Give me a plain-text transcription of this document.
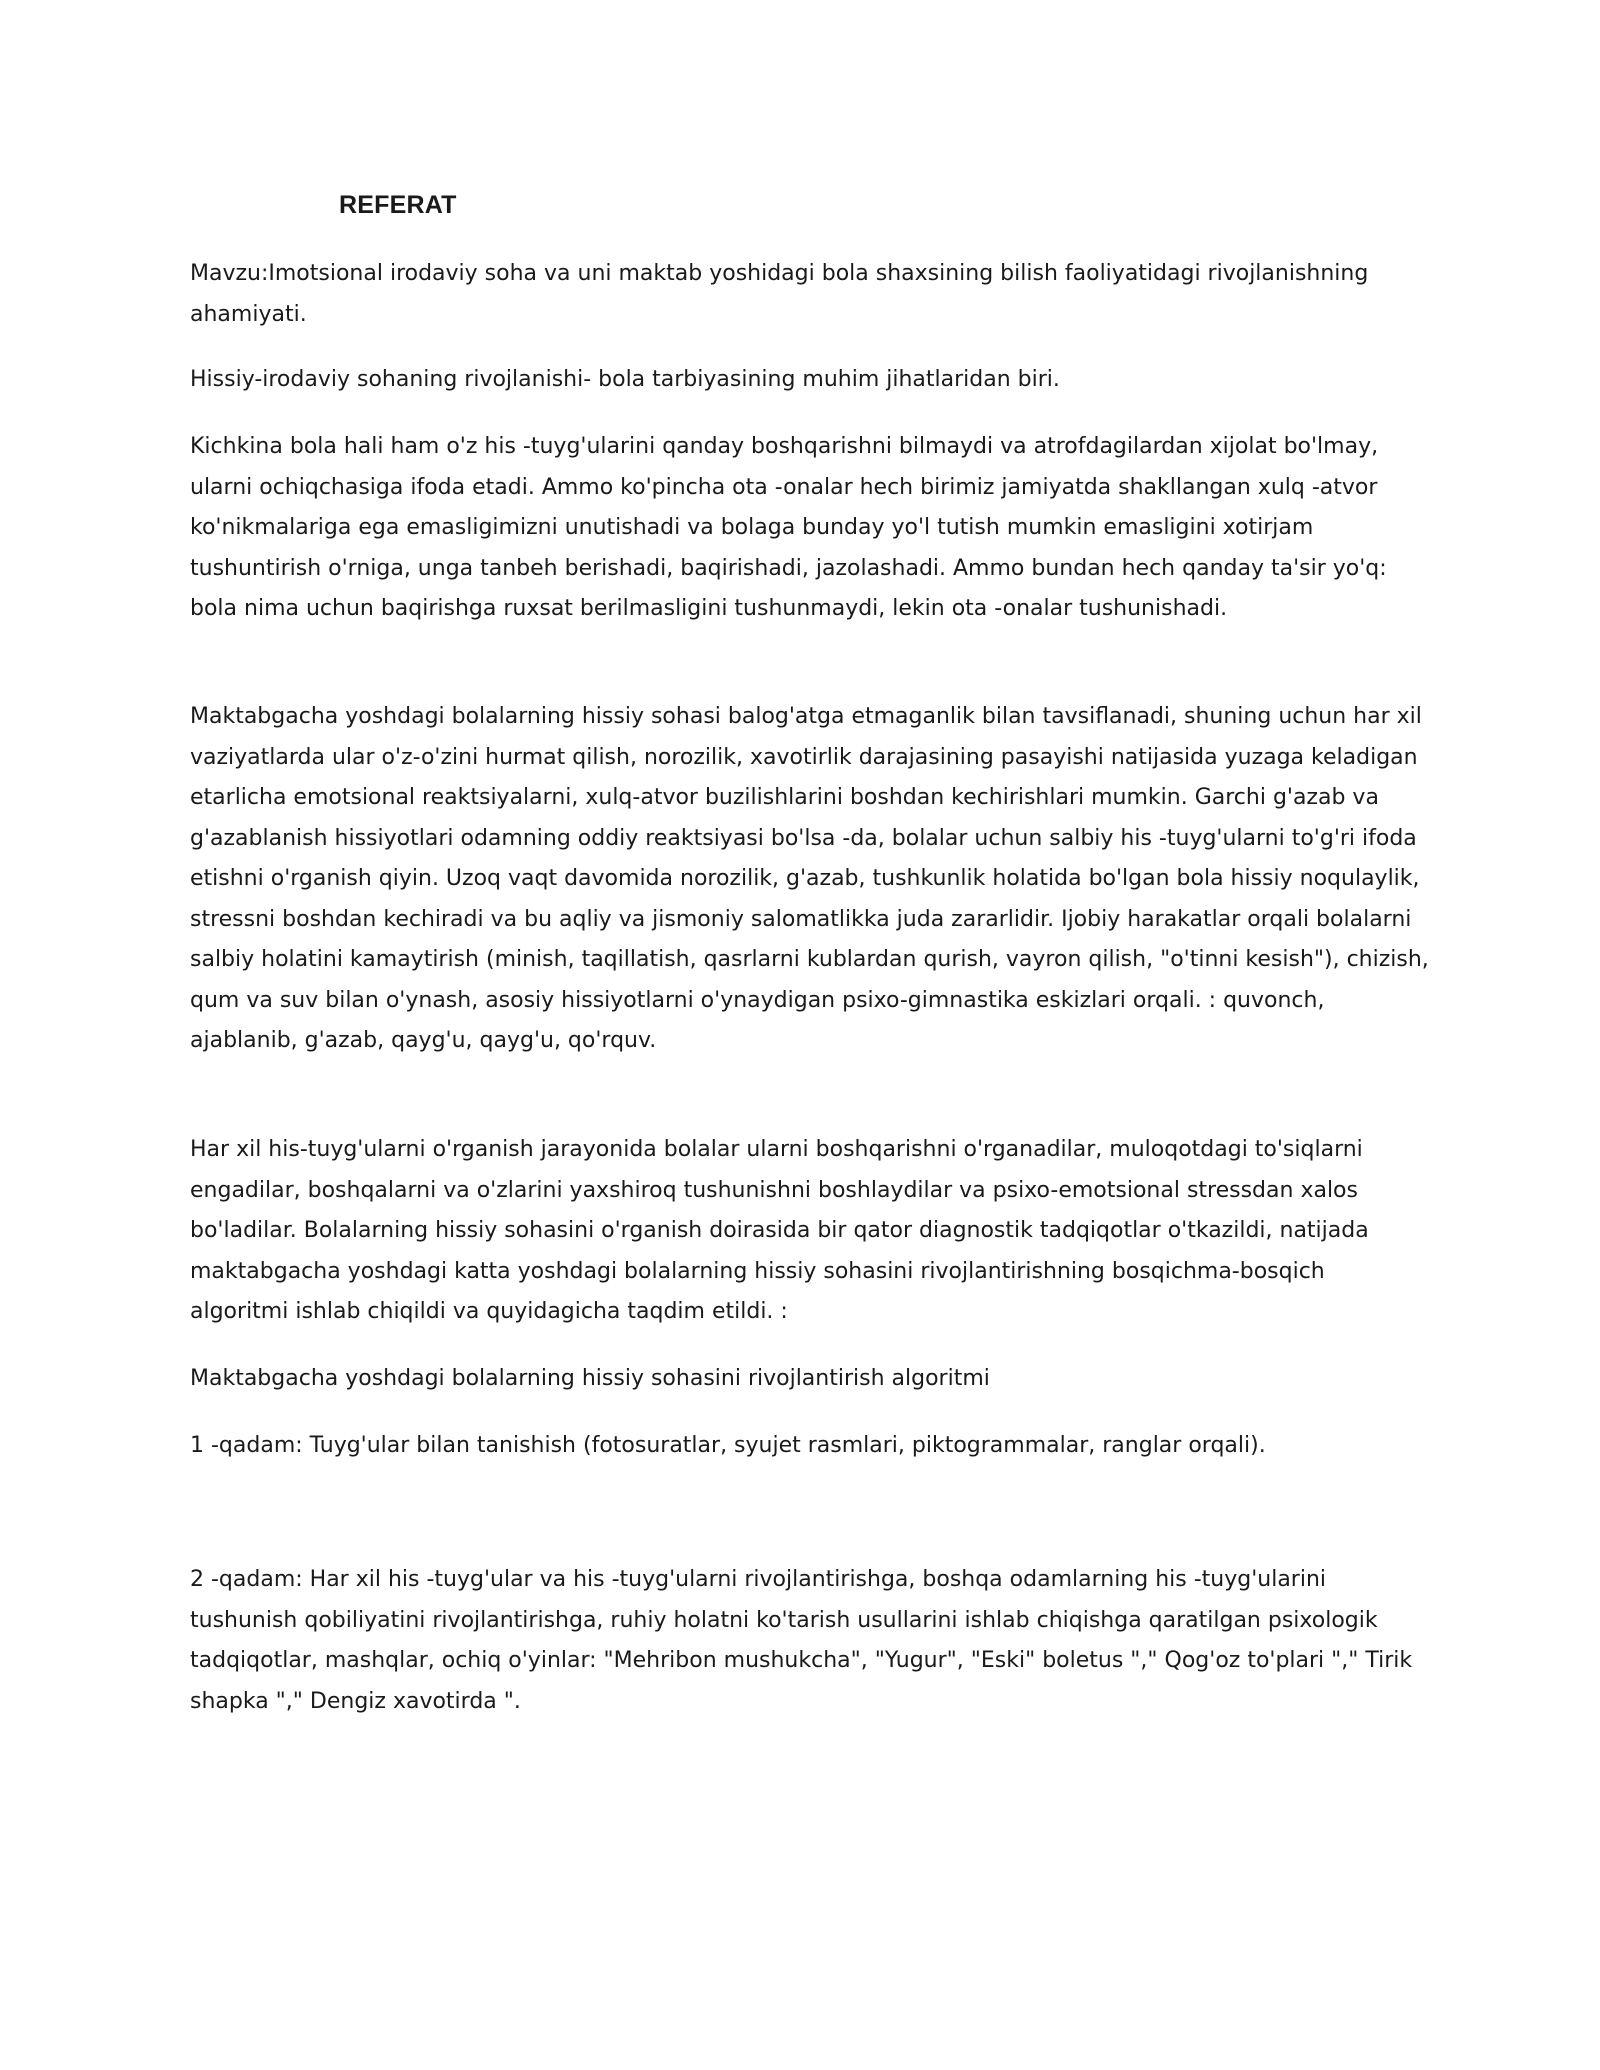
REFERAT

Mavzu:Imotsional irodaviy soha va uni maktab yoshidagi bola shaxsining bilish faoliyatidagi rivojlanishning ahamiyati.

Hissiy-irodaviy sohaning rivojlanishi- bola tarbiyasining muhim jihatlaridan biri.

Kichkina bola hali ham o'z his -tuyg'ularini qanday boshqarishni bilmaydi va atrofdagilardan xijolat bo'lmay, ularni ochiqchasiga ifoda etadi. Ammo ko'pincha ota -onalar hech birimiz jamiyatda shakllangan xulq -atvor ko'nikmalariga ega emasligimizni unutishadi va bolaga bunday yo'l tutish mumkin emasligini xotirjam tushuntirish o'rniga, unga tanbeh berishadi, baqirishadi, jazolashadi. Ammo bundan hech qanday ta'sir yo'q: bola nima uchun baqirishga ruxsat berilmasligini tushunmaydi, lekin ota -onalar tushunishadi.

Maktabgacha yoshdagi bolalarning hissiy sohasi balog'atga etmaganlik bilan tavsiflanadi, shuning uchun har xil vaziyatlarda ular o'z-o'zini hurmat qilish, norozilik, xavotirlik darajasining pasayishi natijasida yuzaga keladigan etarlicha emotsional reaktsiyalarni, xulq-atvor buzilishlarini boshdan kechirishlari mumkin. Garchi g'azab va g'azablanish hissiyotlari odamning oddiy reaktsiyasi bo'lsa -da, bolalar uchun salbiy his -tuyg'ularni to'g'ri ifoda etishni o'rganish qiyin. Uzoq vaqt davomida norozilik, g'azab, tushkunlik holatida bo'lgan bola hissiy noqulaylik, stressni boshdan kechiradi va bu aqliy va jismoniy salomatlikka juda zararlidir. Ijobiy harakatlar orqali bolalarni salbiy holatini kamaytirish (minish, taqillatish, qasrlarni kublardan qurish, vayron qilish, "o'tinni kesish"), chizish, qum va suv bilan o'ynash, asosiy hissiyotlarni o'ynaydigan psixo-gimnastika eskizlari orqali. : quvonch, ajablanib, g'azab, qayg'u, qayg'u, qo'rquv.

Har xil his-tuyg'ularni o'rganish jarayonida bolalar ularni boshqarishni o'rganadilar, muloqotdagi to'siqlarni engadilar, boshqalarni va o'zlarini yaxshiroq tushunishni boshlaydilar va psixo-emotsional stressdan xalos bo'ladilar. Bolalarning hissiy sohasini o'rganish doirasida bir qator diagnostik tadqiqotlar o'tkazildi, natijada maktabgacha yoshdagi katta yoshdagi bolalarning hissiy sohasini rivojlantirishning bosqichma-bosqich algoritmi ishlab chiqildi va quyidagicha taqdim etildi. :

Maktabgacha yoshdagi bolalarning hissiy sohasini rivojlantirish algoritmi

1 -qadam: Tuyg'ular bilan tanishish (fotosuratlar, syujet rasmlari, piktogrammalar, ranglar orqali).

2 -qadam: Har xil his -tuyg'ular va his -tuyg'ularni rivojlantirishga, boshqa odamlarning his -tuyg'ularini tushunish qobiliyatini rivojlantirishga, ruhiy holatni ko'tarish usullarini ishlab chiqishga qaratilgan psixologik tadqiqotlar, mashqlar, ochiq o'yinlar: "Mehribon mushukcha", "Yugur", "Eski" boletus "," Qog'oz to'plari "," Tirik shapka "," Dengiz xavotirda ".
